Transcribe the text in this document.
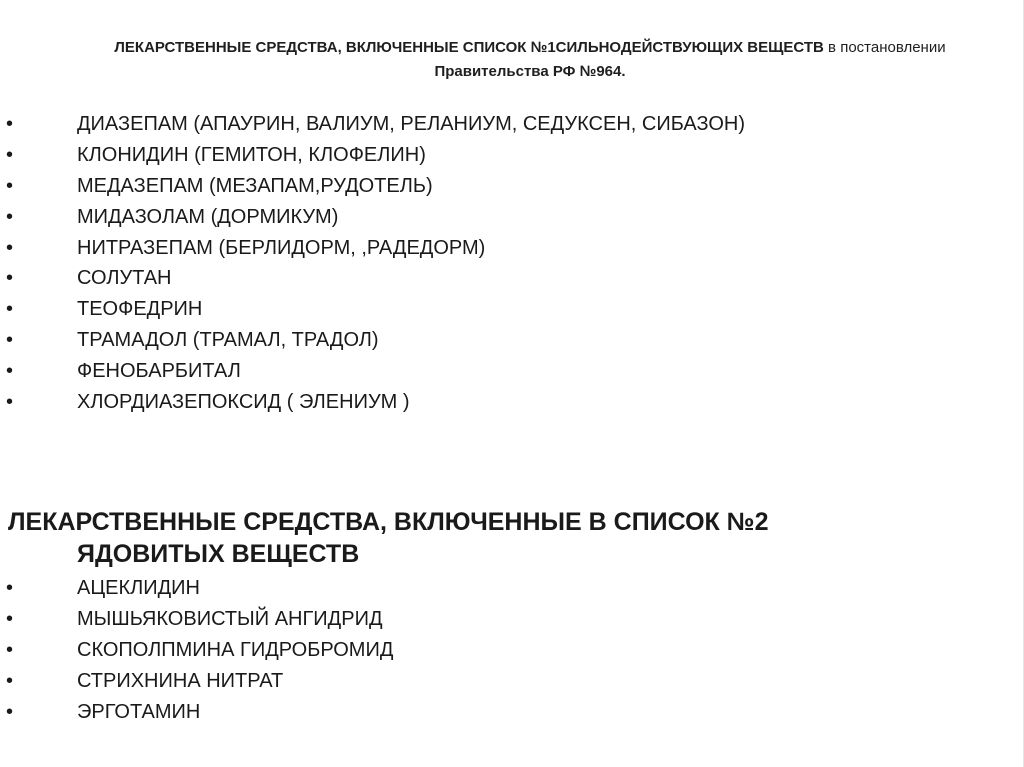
ЛЕКАРСТВЕННЫЕ СРЕДСТВА, ВКЛЮЧЕННЫЕ СПИСОК №1СИЛЬНОДЕЙСТВУЮЩИХ ВЕЩЕСТВ в постановлении
Правительства РФ №964.
•	ДИАЗЕПАМ (АПАУРИН, ВАЛИУМ, РЕЛАНИУМ, СЕДУКСЕН, СИБАЗОН)
•	КЛОНИДИН (ГЕМИТОН, КЛОФЕЛИН)
•	МЕДАЗЕПАМ (МЕЗАПАМ,РУДОТЕЛЬ)
•	МИДАЗОЛАМ (ДОРМИКУМ)
•	НИТРАЗЕПАМ (БЕРЛИДОРМ, ,РАДЕДОРМ)
•	СОЛУТАН
•	ТЕОФЕДРИН
•	ТРАМАДОЛ (ТРАМАЛ, ТРАДОЛ)
•	ФЕНОБАРБИТАЛ
•	ХЛОРДИАЗЕПОКСИД ( ЭЛЕНИУМ )
ЛЕКАРСТВЕННЫЕ СРЕДСТВА, ВКЛЮЧЕННЫЕ В СПИСОК №2
ЯДОВИТЫХ ВЕЩЕСТВ
•	АЦЕКЛИДИН
•	МЫШЬЯКОВИСТЫЙ АНГИДРИД
•	СКОПОЛПМИНА ГИДРОБРОМИД
•	СТРИХНИНА НИТРАТ
•	ЭРГОТАМИН
